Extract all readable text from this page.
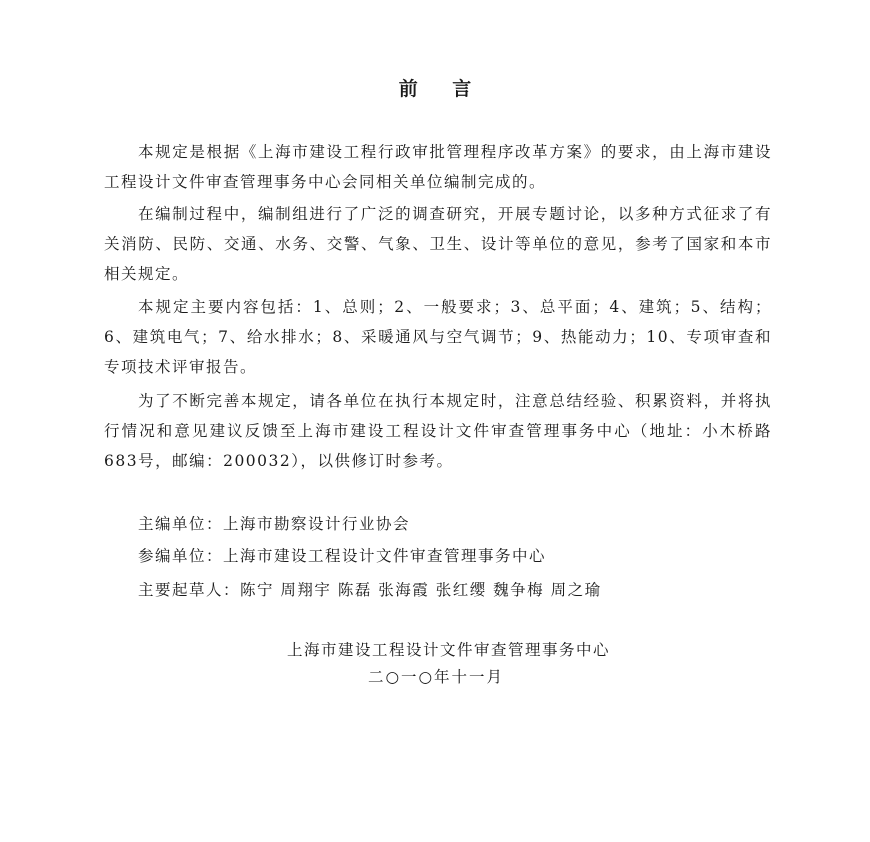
前 言

本规定是根据《上海市建设工程行政审批管理程序改革方案》的要求，由上海市建设工程设计文件审查管理事务中心会同相关单位编制完成的。

在编制过程中，编制组进行了广泛的调查研究，开展专题讨论，以多种方式征求了有关消防、民防、交通、水务、交警、气象、卫生、设计等单位的意见，参考了国家和本市相关规定。

本规定主要内容包括：1、总则；2、一般要求；3、总平面；4、建筑；5、结构；6、建筑电气；7、给水排水；8、采暖通风与空气调节；9、热能动力；10、专项审查和专项技术评审报告。

为了不断完善本规定，请各单位在执行本规定时，注意总结经验、积累资料，并将执行情况和意见建议反馈至上海市建设工程设计文件审查管理事务中心（地址：小木桥路683号，邮编：200032），以供修订时参考。

主编单位：上海市勘察设计行业协会
参编单位：上海市建设工程设计文件审查管理事务中心
主要起草人：陈宁 周翔宇 陈磊 张海霞 张红缨 魏争梅 周之瑜
上海市建设工程设计文件审查管理事务中心
二○一○年十一月
